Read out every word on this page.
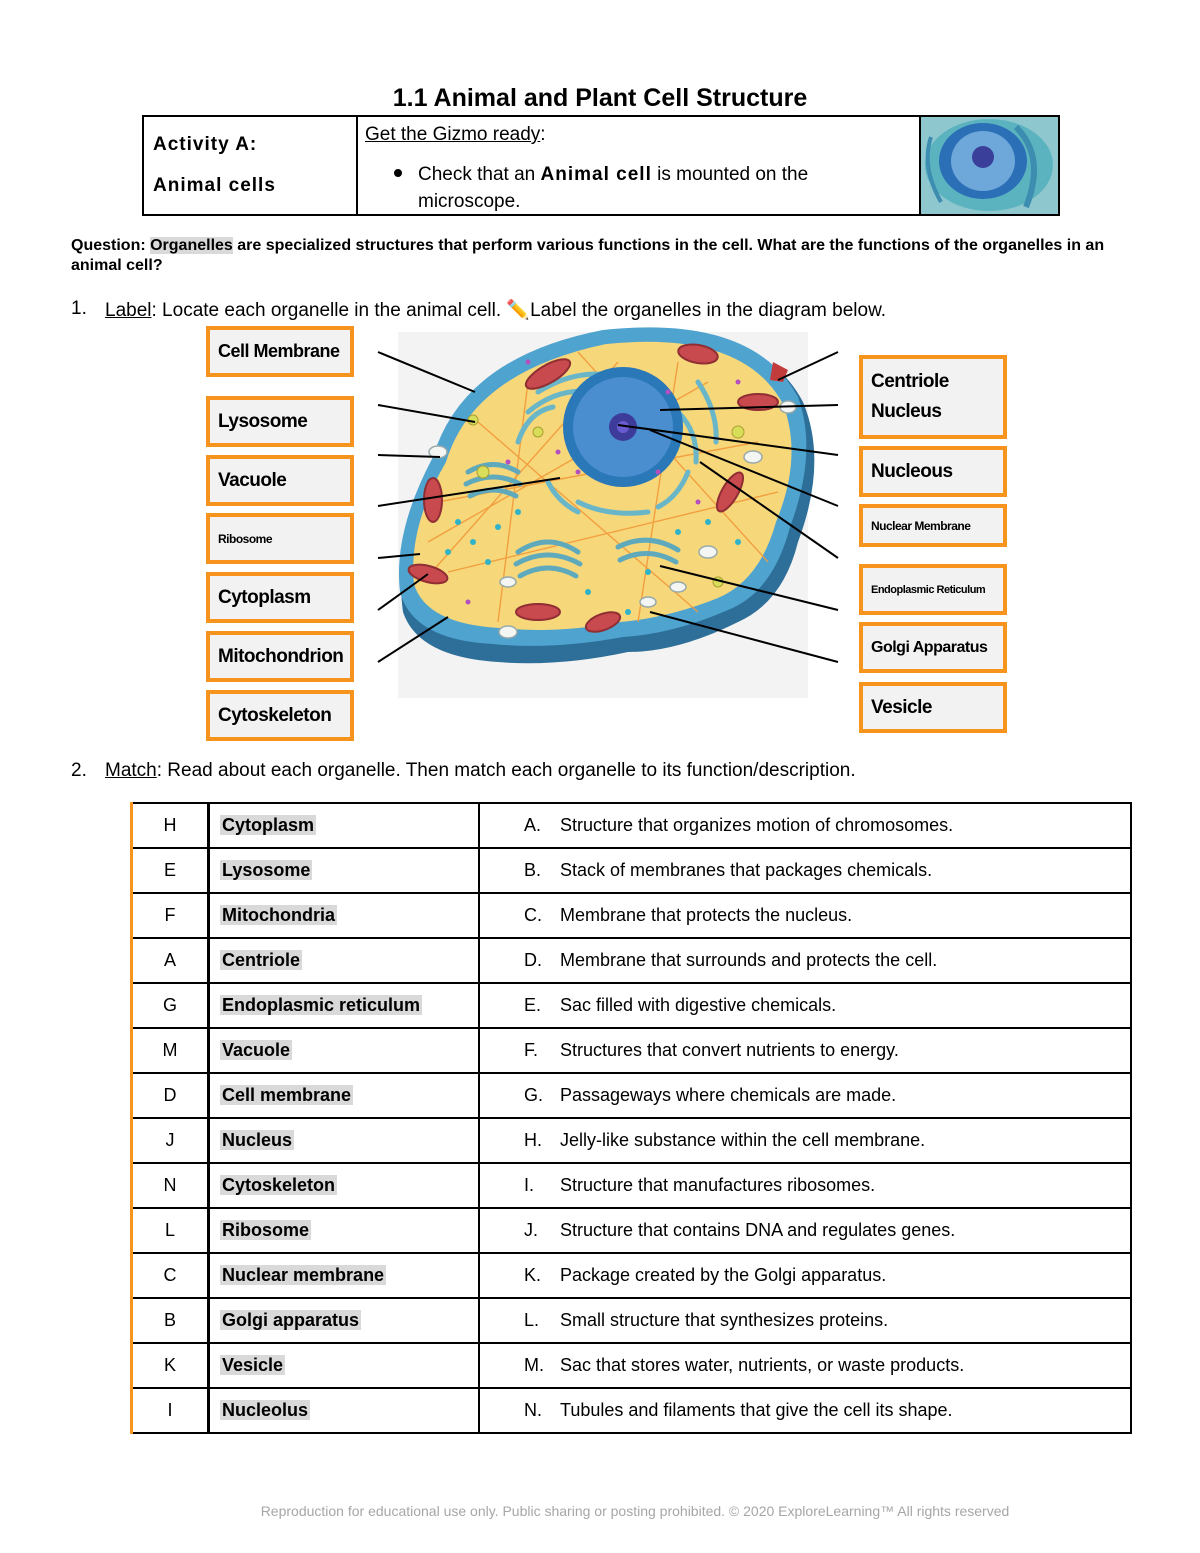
1.1 Animal and Plant Cell Structure
Activity A:
Animal cells
Get the Gizmo ready:
Check that an Animal cell is mounted on the
microscope.
Question: Organelles are specialized structures that perform various functions in the cell. What are the functions of the organelles in an animal cell?
1. Label: Locate each organelle in the animal cell. ✏️Label the organelles in the diagram below.
Cell Membrane
Lysosome
Vacuole
Ribosome
Cytoplasm
Mitochondrion
Cytoskeleton
Centriole
Nucleus
Nucleous
Nuclear Membrane
Endoplasmic Reticulum
Golgi Apparatus
Vesicle
2. Match: Read about each organelle. Then match each organelle to its function/description.
H	Cytoplasm	A. Structure that organizes motion of chromosomes.
E	Lysosome	B. Stack of membranes that packages chemicals.
F	Mitochondria	C. Membrane that protects the nucleus.
A	Centriole	D. Membrane that surrounds and protects the cell.
G	Endoplasmic reticulum	E. Sac filled with digestive chemicals.
M	Vacuole	F. Structures that convert nutrients to energy.
D	Cell membrane	G. Passageways where chemicals are made.
J	Nucleus	H. Jelly-like substance within the cell membrane.
N	Cytoskeleton	I. Structure that manufactures ribosomes.
L	Ribosome	J. Structure that contains DNA and regulates genes.
C	Nuclear membrane	K. Package created by the Golgi apparatus.
B	Golgi apparatus	L. Small structure that synthesizes proteins.
K	Vesicle	M. Sac that stores water, nutrients, or waste products.
I	Nucleolus	N. Tubules and filaments that give the cell its shape.
Reproduction for educational use only. Public sharing or posting prohibited. © 2020 ExploreLearning™ All rights reserved
